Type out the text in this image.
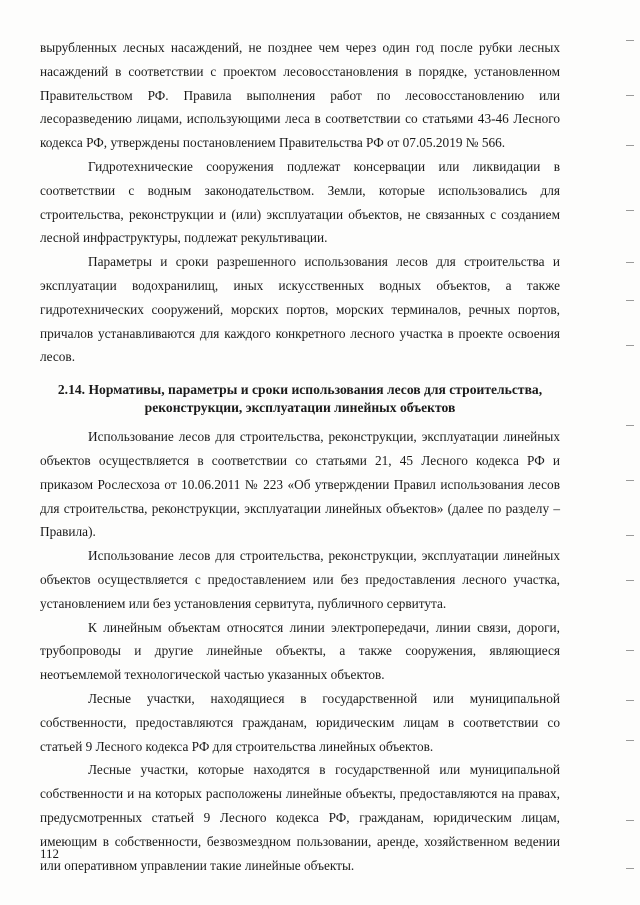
вырубленных лесных насаждений, не позднее чем через один год после рубки лесных насаждений в соответствии с проектом лесовосстановления в порядке, установленном Правительством РФ. Правила выполнения работ по лесовосстановлению или лесоразведению лицами, использующими леса в соответствии со статьями 43-46 Лесного кодекса РФ, утверждены постановлением Правительства РФ от 07.05.2019 № 566.

Гидротехнические сооружения подлежат консервации или ликвидации в соответствии с водным законодательством. Земли, которые использовались для строительства, реконструкции и (или) эксплуатации объектов, не связанных с созданием лесной инфраструктуры, подлежат рекультивации.

Параметры и сроки разрешенного использования лесов для строительства и эксплуатации водохранилищ, иных искусственных водных объектов, а также гидротехнических сооружений, морских портов, морских терминалов, речных портов, причалов устанавливаются для каждого конкретного лесного участка в проекте освоения лесов.

2.14. Нормативы, параметры и сроки использования лесов для строительства, реконструкции, эксплуатации линейных объектов

Использование лесов для строительства, реконструкции, эксплуатации линейных объектов осуществляется в соответствии со статьями 21, 45 Лесного кодекса РФ и приказом Рослесхоза от 10.06.2011 № 223 «Об утверждении Правил использования лесов для строительства, реконструкции, эксплуатации линейных объектов» (далее по разделу – Правила).

Использование лесов для строительства, реконструкции, эксплуатации линейных объектов осуществляется с предоставлением или без предоставления лесного участка, установлением или без установления сервитута, публичного сервитута.

К линейным объектам относятся линии электропередачи, линии связи, дороги, трубопроводы и другие линейные объекты, а также сооружения, являющиеся неотъемлемой технологической частью указанных объектов.

Лесные участки, находящиеся в государственной или муниципальной собственности, предоставляются гражданам, юридическим лицам в соответствии со статьей 9 Лесного кодекса РФ для строительства линейных объектов.

Лесные участки, которые находятся в государственной или муниципальной собственности и на которых расположены линейные объекты, предоставляются на правах, предусмотренных статьей 9 Лесного кодекса РФ, гражданам, юридическим лицам, имеющим в собственности, безвозмездном пользовании, аренде, хозяйственном ведении или оперативном управлении такие линейные объекты.

112
